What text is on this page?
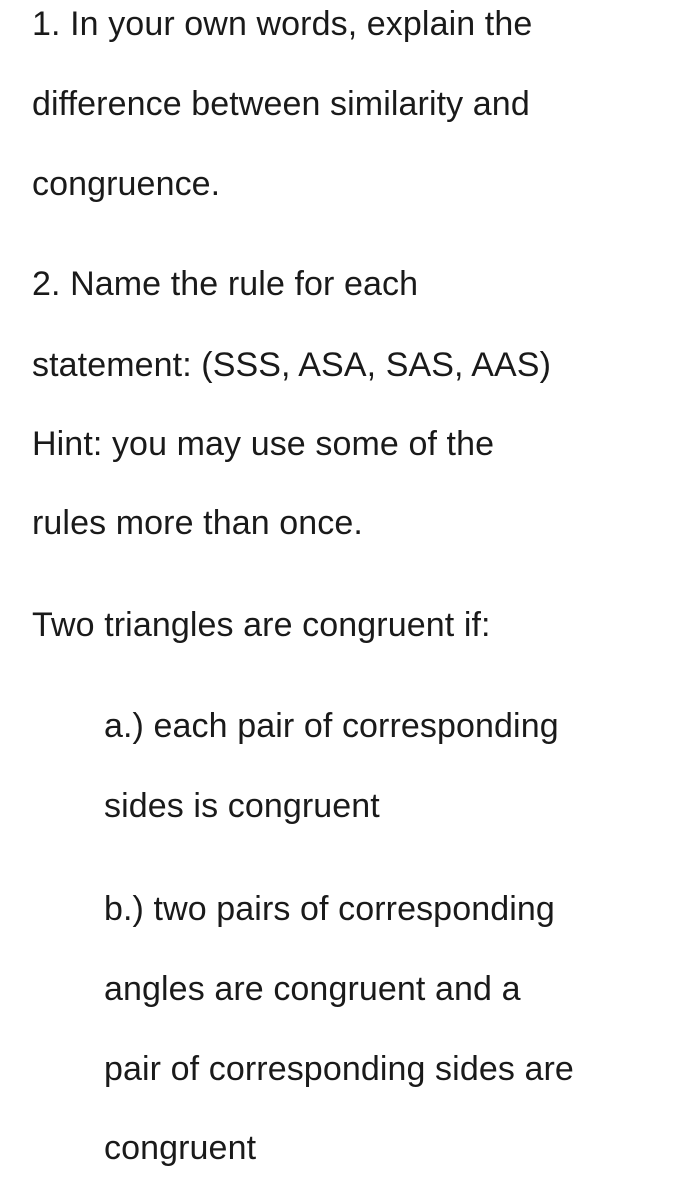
1. In your own words, explain the
difference between similarity and
congruence.
2. Name the rule for each
statement: (SSS, ASA, SAS, AAS)
Hint: you may use some of the
rules more than once.
Two triangles are congruent if:
a.) each pair of corresponding
sides is congruent
b.) two pairs of corresponding
angles are congruent and a
pair of corresponding sides are
congruent
